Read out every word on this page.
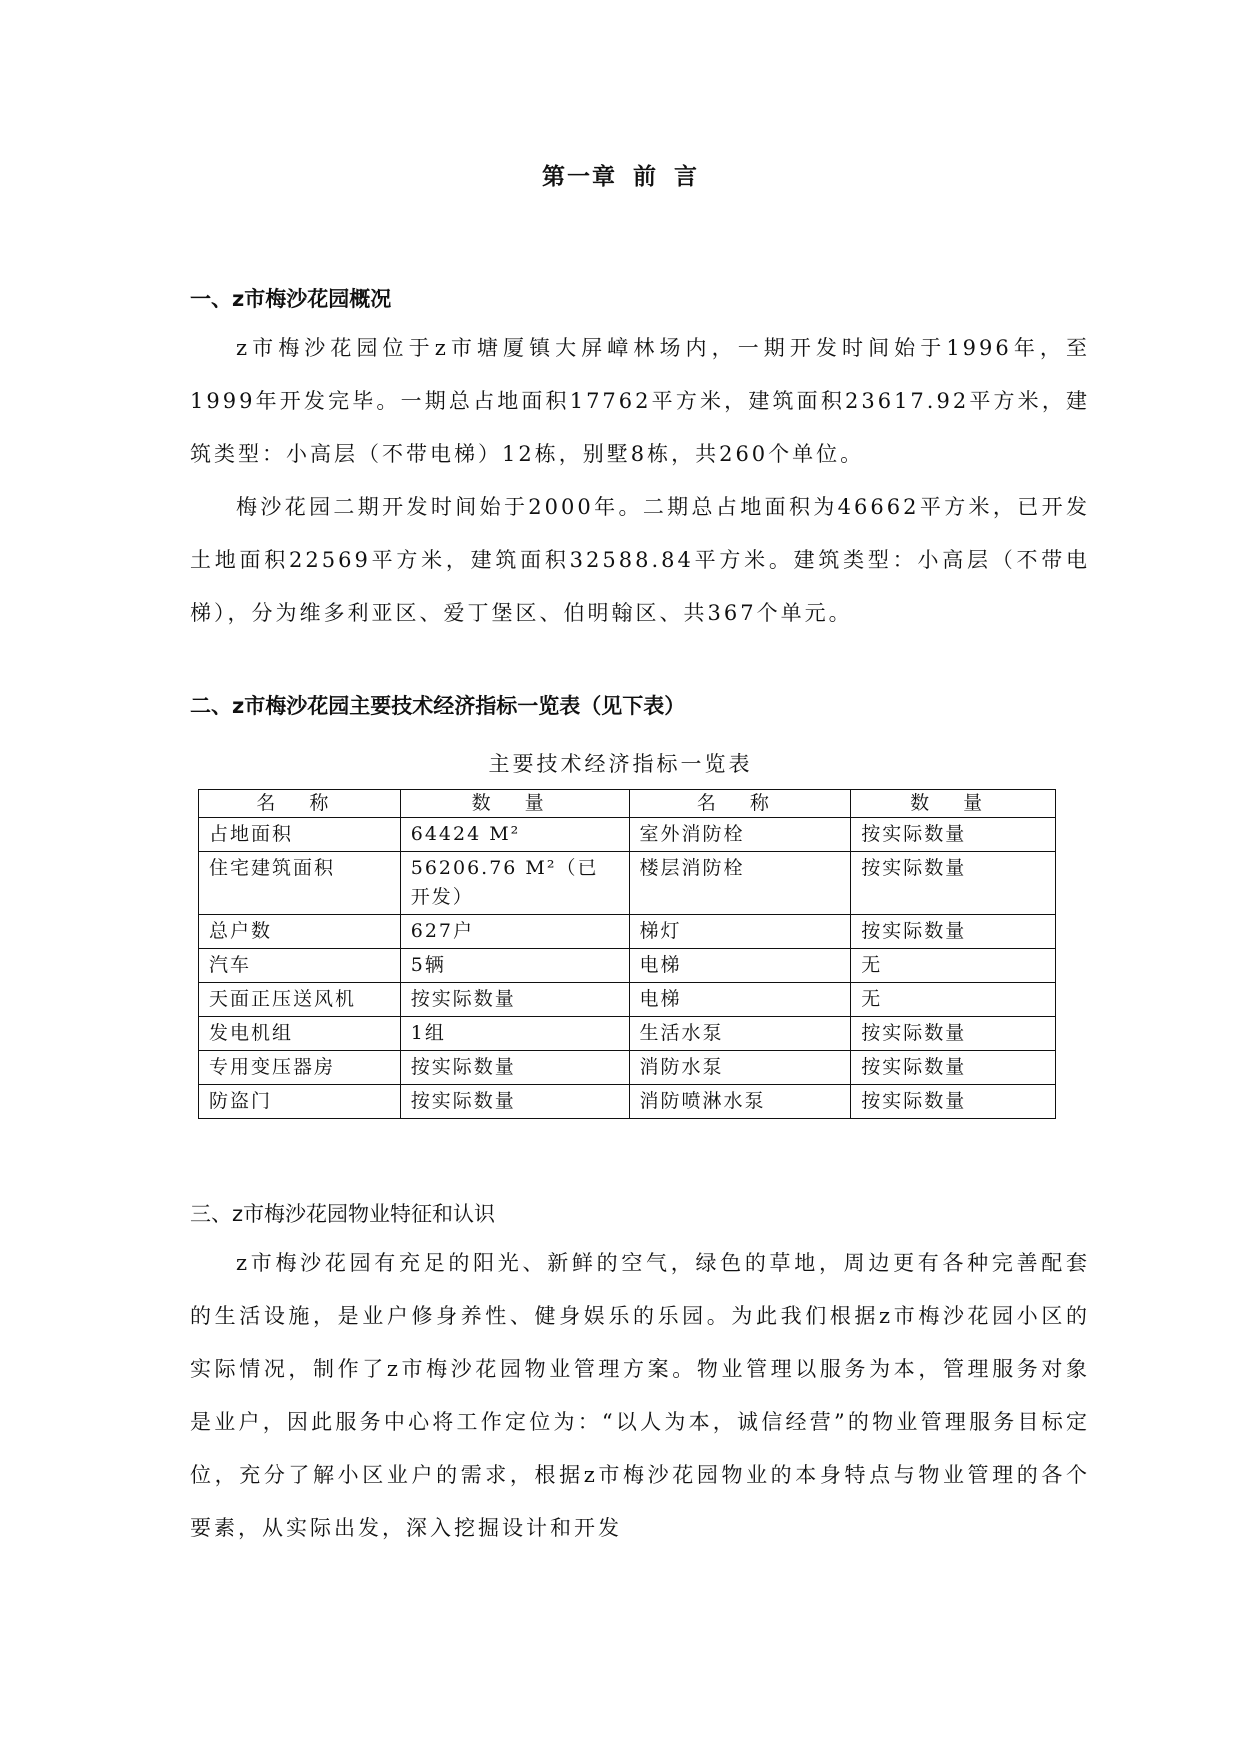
第一章 前 言
一、z市梅沙花园概况

z市梅沙花园位于z市塘厦镇大屏嶂林场内，一期开发时间始于1996年，至1999年开发完毕。一期总占地面积17762平方米，建筑面积23617.92平方米，建筑类型：小高层（不带电梯）12栋，别墅8栋，共260个单位。

梅沙花园二期开发时间始于2000年。二期总占地面积为46662平方米，已开发土地面积22569平方米，建筑面积32588.84平方米。建筑类型：小高层（不带电梯），分为维多利亚区、爱丁堡区、伯明翰区、共367个单元。

二、z市梅沙花园主要技术经济指标一览表（见下表）
主要技术经济指标一览表
名 称	数 量	名 称	数 量
占地面积	64424 M²	室外消防栓	按实际数量
住宅建筑面积	56206.76 M²（已开发）	楼层消防栓	按实际数量
总户数	627户	梯灯	按实际数量
汽车	5辆	电梯	无
天面正压送风机	按实际数量	电梯	无
发电机组	1组	生活水泵	按实际数量
专用变压器房	按实际数量	消防水泵	按实际数量
防盗门	按实际数量	消防喷淋水泵	按实际数量
三、z市梅沙花园物业特征和认识

z市梅沙花园有充足的阳光、新鲜的空气，绿色的草地，周边更有各种完善配套的生活设施，是业户修身养性、健身娱乐的乐园。为此我们根据z市梅沙花园小区的实际情况，制作了z市梅沙花园物业管理方案。物业管理以服务为本，管理服务对象是业户，因此服务中心将工作定位为：“以人为本，诚信经营”的物业管理服务目标定位，充分了解小区业户的需求，根据z市梅沙花园物业的本身特点与物业管理的各个要素，从实际出发，深入挖掘设计和开发
